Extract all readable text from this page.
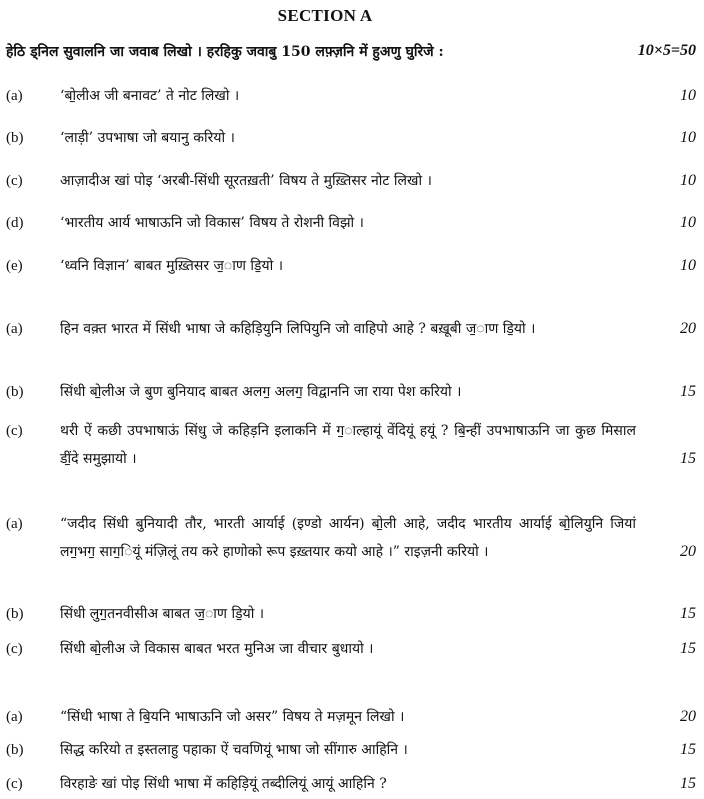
SECTION A
हेठि ड्निल सुवालनि जा जवाब लिखो । हरहिकु जवाबु 150 लफ़्ज़नि में हुअणु घुरिजे :	10×5=50
(a)	‘बो॒लीअ जी बनावट’ ते नोट लिखो ।	10
(b)	‘लाड़ी’ उपभाषा जो बयानु करियो ।	10
(c)	आज़ादीअ खां पोइ ‘अरबी-सिंधी सूरतख़ती’ विषय ते मुख़्तिसर नोट लिखो ।	10
(d)	‘भारतीय आर्य भाषाऊनि जो विकास’ विषय ते रोशनी विझो ।	10
(e)	‘ध्वनि विज्ञान’ बाबत मुख़्तिसर ज॒ाण डि॒यो ।	10
(a)	हिन वक़्त भारत में सिंधी भाषा जे कहिड़ियुनि लिपियुनि जो वाहिपो आहे ? बख़ूबी ज॒ाण डि॒यो ।	20
(b)	सिंधी बो॒लीअ जे बुण बुनियाद बाबत अलग॒ अलग॒ विद्वाननि जा राया पेश करियो ।	15
(c)	थरी ऐं कछी उपभाषाऊं सिंधु जे कहिड़नि इलाकनि में ग॒ाल्हायूं वेंदियूं हयूं ? बि॒न्हीं उपभाषाऊनि जा कुछ मिसाल डीं॒दे समुझायो ।	15
(a)	“जदीद सिंधी बुनियादी तौर, भारती आर्याई (इण्डो आर्यन) बो॒ली आहे, जदीद भारतीय आर्याई बो॒लियुनि जियां लग॒भग॒ साग॒ियूं मंज़िलूं तय करे हाणोको रूप इख़्तयार कयो आहे ।” राइज़नी करियो ।	20
(b)	सिंधी लुग॒तनवीसीअ बाबत ज॒ाण डि॒यो ।	15
(c)	सिंधी बो॒लीअ जे विकास बाबत भरत मुनिअ जा वीचार बुधायो ।	15
(a)	“सिंधी भाषा ते बि॒यनि भाषाऊनि जो असर” विषय ते मज़मून लिखो ।	20
(b)	सिद्ध करियो त इस्तलाहु पहाका ऐं चवणियूं भाषा जो सींगारु आहिनि ।	15
(c)	विरहाङे खां पोइ सिंधी भाषा में कहिड़ियूं तब्दीलियूं आयूं आहिनि ?	15
